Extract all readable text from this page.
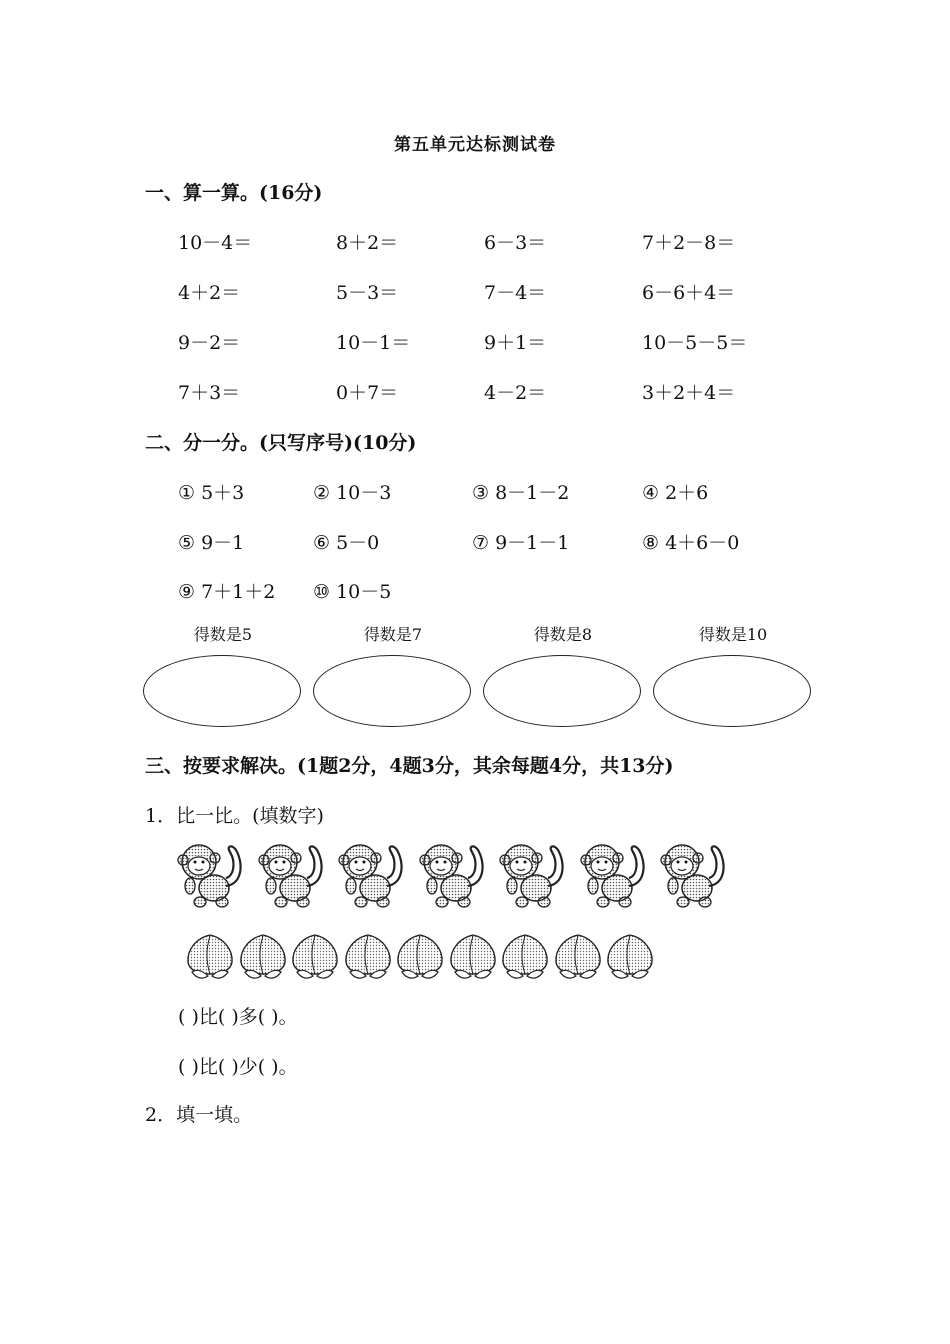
第五单元达标测试卷
一、算一算。(16分)
10－4＝	8＋2＝	6－3＝	7＋2－8＝
4＋2＝	5－3＝	7－4＝	6－6＋4＝
9－2＝	10－1＝	9＋1＝	10－5－5＝
7＋3＝	0＋7＝	4－2＝	3＋2＋4＝
二、分一分。(只写序号)(10分)
① 5＋3	② 10－3	③ 8－1－2	④ 2＋6
⑤ 9－1	⑥ 5－0	⑦ 9－1－1	⑧ 4＋6－0
⑨ 7＋1＋2 ⑩ 10－5
得数是5	得数是7	得数是8	得数是10
三、按要求解决。(1题2分，4题3分，其余每题4分，共13分)
1．比一比。(填数字)
( )比( )多( )。
( )比( )少( )。
2．填一填。
